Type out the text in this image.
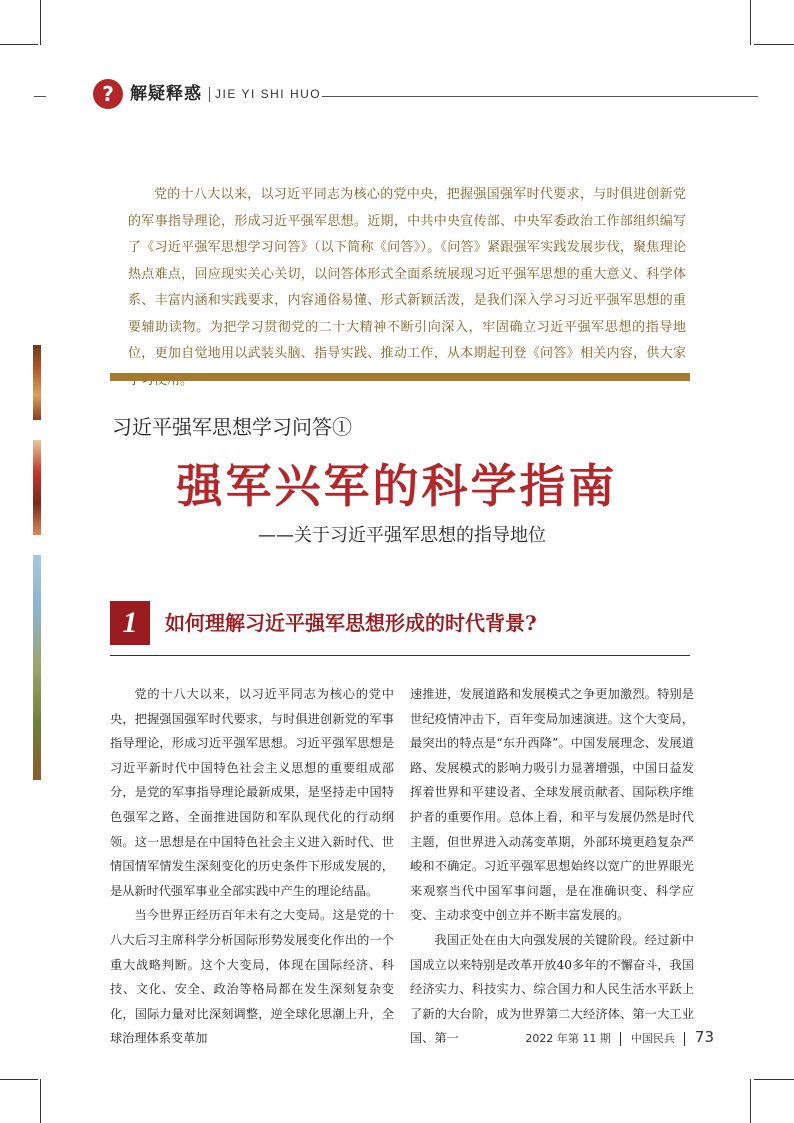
? 解疑释惑 JIE YI SHI HUO
党的十八大以来，以习近平同志为核心的党中央，把握强国强军时代要求，与时俱进创新党的军事指导理论，形成习近平强军思想。近期，中共中央宣传部、中央军委政治工作部组织编写了《习近平强军思想学习问答》（以下简称《问答》）。《问答》紧跟强军实践发展步伐，聚焦理论热点难点，回应现实关心关切，以问答体形式全面系统展现习近平强军思想的重大意义、科学体系、丰富内涵和实践要求，内容通俗易懂、形式新颖活泼，是我们深入学习习近平强军思想的重要辅助读物。为把学习贯彻党的二十大精神不断引向深入，牢固确立习近平强军思想的指导地位，更加自觉地用以武装头脑、指导实践、推动工作，从本期起刊登《问答》相关内容，供大家
习近平强军思想学习问答①
强军兴军的科学指南
——关于习近平强军思想的指导地位
1	如何理解习近平强军思想形成的时代背景?

党的十八大以来，以习近平同志为核心的党中央，把握强国强军时代要求，与时俱进创新党的军事指导理论，形成习近平强军思想。习近平强军思想是习近平新时代中国特色社会主义思想的重要组成部分，是党的军事指导理论最新成果，是坚持走中国特色强军之路、全面推进国防和军队现代化的行动纲领。这一思想是在中国特色社会主义进入新时代、世情国情军情发生深刻变化的历史条件下形成发展的，是从新时代强军事业全部实践中产生的理论结晶。

当今世界正经历百年未有之大变局。这是党的十八大后习主席科学分析国际形势发展变化作出的一个重大战略判断。这个大变局，体现在国际经济、科技、文化、安全、政治等格局都在发生深刻复杂变化，国际力量对比深刻调整，逆全球化思潮上升，全球治理体系变革加

速推进，发展道路和发展模式之争更加激烈。特别是世纪疫情冲击下，百年变局加速演进。这个大变局，最突出的特点是“东升西降”。中国发展理念、发展道路、发展模式的影响力吸引力显著增强，中国日益发挥着世界和平建设者、全球发展贡献者、国际秩序维护者的重要作用。总体上看，和平与发展仍然是时代主题，但世界进入动荡变革期，外部环境更趋复杂严峻和不确定。习近平强军思想始终以宽广的世界眼光来观察当代中国军事问题，是在准确识变、科学应变、主动求变中创立并不断丰富发展的。

我国正处在由大向强发展的关键阶段。经过新中国成立以来特别是改革开放40多年的不懈奋斗，我国经济实力、科技实力、综合国力和人民生活水平跃上了新的大台阶，成为世界第二大经济体、第一大工业国、第一	2022 年第 11 期 中国民兵 73
